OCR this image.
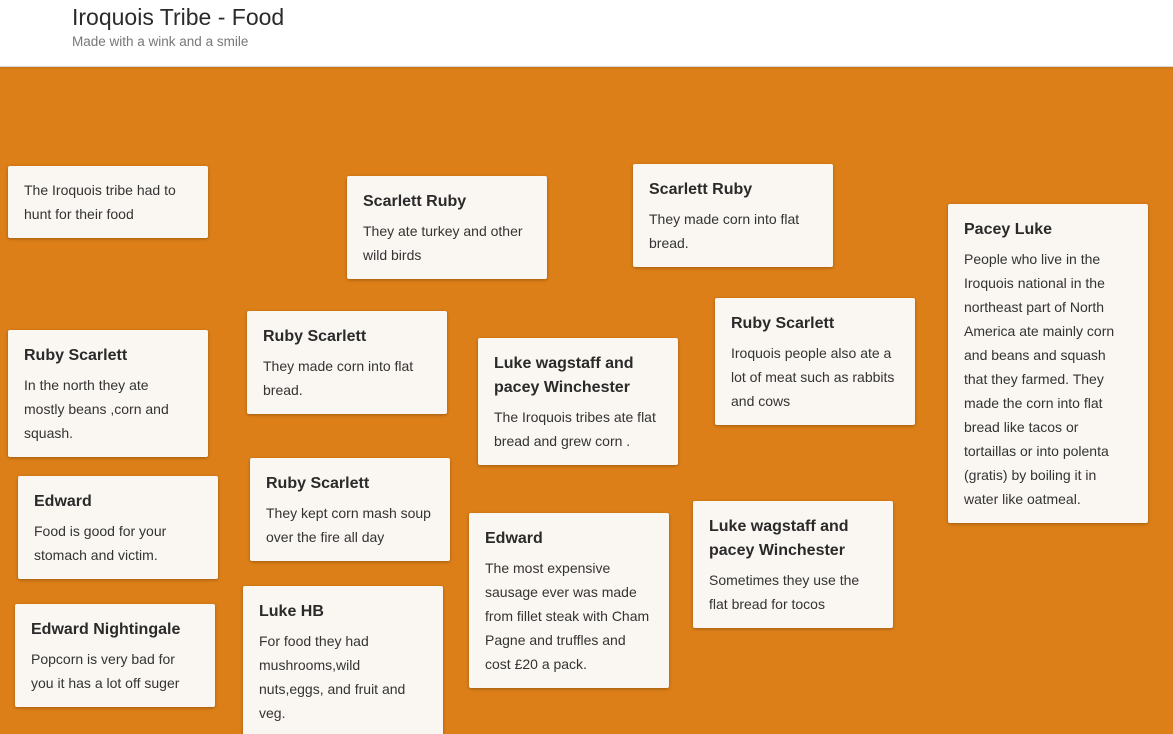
Iroquois Tribe - Food
Made with a wink and a smile

The Iroquois tribe had to hunt for their food

Scarlett Ruby

They ate turkey and other wild birds

Scarlett Ruby

They made corn into flat bread.

Pacey Luke

People who live in the Iroquois national in the northeast part of North America ate mainly corn and beans and squash that they farmed. They made the corn into flat bread like tacos or tortaillas or into polenta (gratis) by boiling it in water like oatmeal.

Ruby Scarlett

In the north they ate mostly beans ,corn and squash.

Ruby Scarlett

They made corn into flat bread.

Luke wagstaff and pacey Winchester

The Iroquois tribes ate flat bread and grew corn .

Ruby Scarlett

Iroquois people also ate a lot of meat such as rabbits and cows

Edward

Food is good for your stomach and victim.

Ruby Scarlett

They kept corn mash soup over the fire all day	Edward

The most expensive sausage ever was made from fillet steak with Cham Pagne and truffles and cost £20 a pack.

Luke wagstaff and pacey Winchester

Sometimes they use the flat bread for tocos

Edward Nightingale

Popcorn is very bad for you it has a lot off suger

Luke HB

For food they had mushrooms,wild nuts,eggs, and fruit and veg.
